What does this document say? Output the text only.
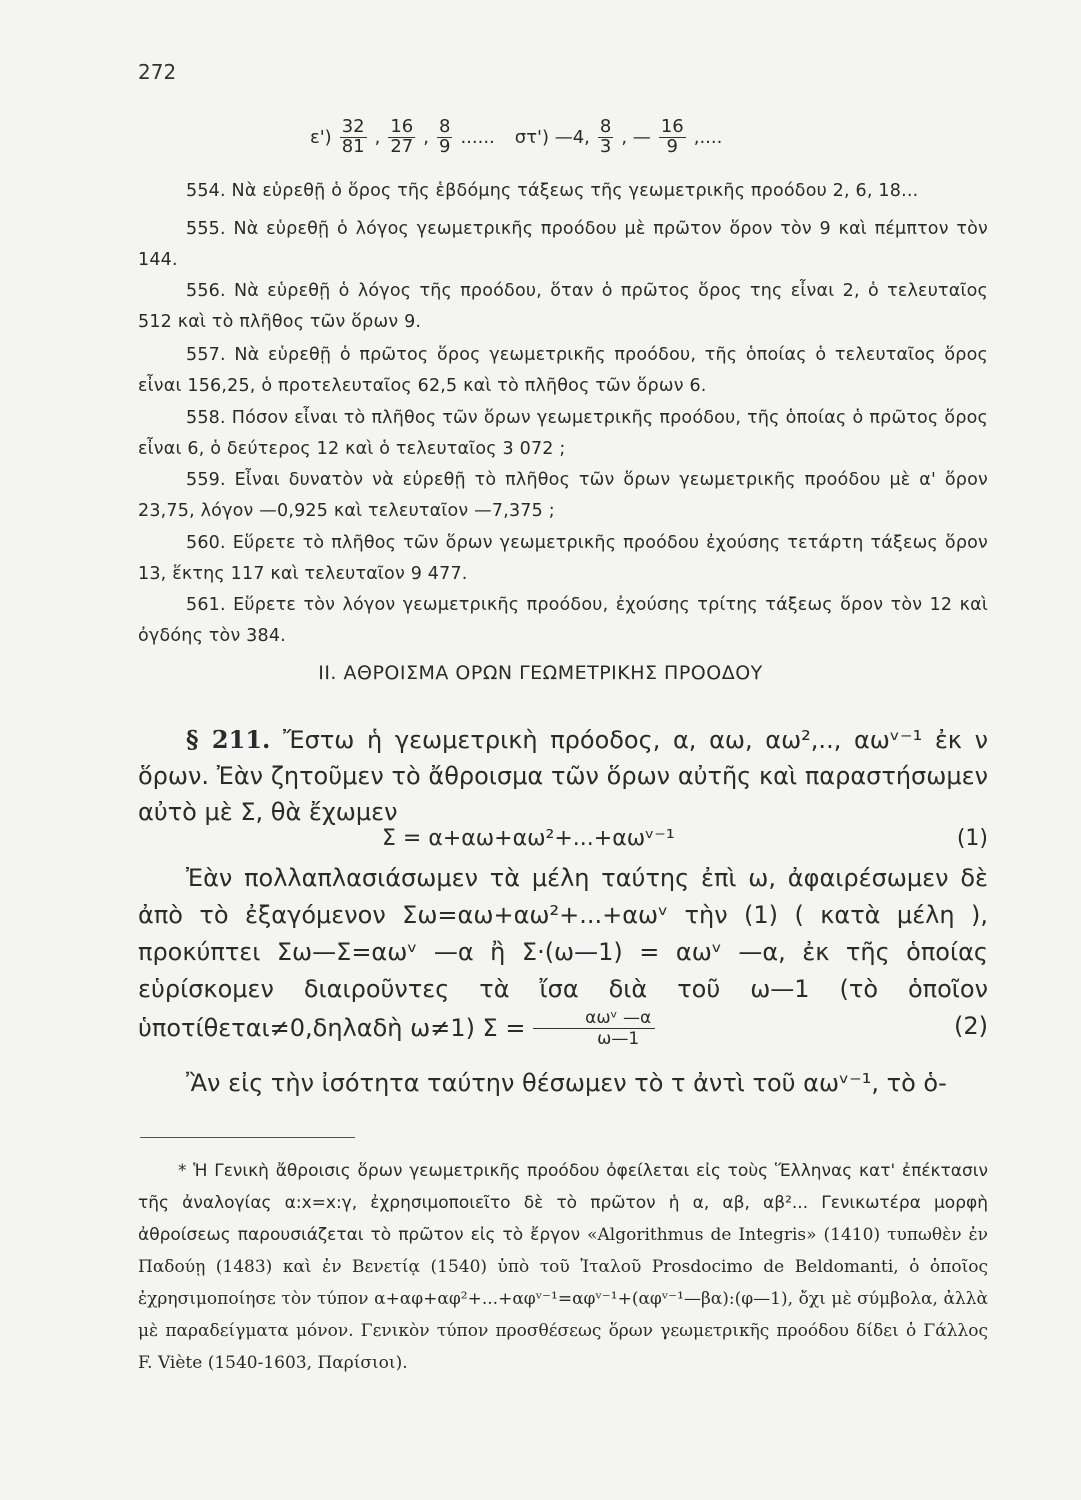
272
$\varepsilon') \frac{32}{81}$ , $\frac{16}{27}$ , $\frac{8}{9}$ ...... στ') —4, $\frac{8}{3}$ , — $\frac{16}{9}$ ,....
554. Νὰ εὑρεθῇ ὁ ὅρος τῆς ἑβδόμης τάξεως τῆς γεωμετρικῆς προόδου 2, 6, 18...
555. Νὰ εὑρεθῇ ὁ λόγος γεωμετρικῆς προόδου μὲ πρῶτον ὅρον τὸν 9 καὶ πέμπτον τὸν 144.
556. Νὰ εὑρεθῇ ὁ λόγος τῆς προόδου, ὅταν ὁ πρῶτος ὅρος της εἶναι 2, ὁ τελευταῖος 512 καὶ τὸ πλῆθος τῶν ὅρων 9.
557. Νὰ εὑρεθῇ ὁ πρῶτος ὅρος γεωμετρικῆς προόδου, τῆς ὁποίας ὁ τελευταῖος ὅρος εἶναι 156,25, ὁ προτελευταῖος 62,5 καὶ τὸ πλῆθος τῶν ὅρων 6.
558. Πόσον εἶναι τὸ πλῆθος τῶν ὅρων γεωμετρικῆς προόδου, τῆς ὁποίας ὁ πρῶτος ὅρος εἶναι 6, ὁ δεύτερος 12 καὶ ὁ τελευταῖος 3 072 ;
559. Εἶναι δυνατὸν νὰ εὑρεθῇ τὸ πλῆθος τῶν ὅρων γεωμετρικῆς προόδου μὲ α' ὅρον 23,75, λόγον —0,925 καὶ τελευταῖον —7,375 ;
560. Εὕρετε τὸ πλῆθος τῶν ὅρων γεωμετρικῆς προόδου ἐχούσης τετάρτη τάξεως ὅρον 13, ἕκτης 117 καὶ τελευταῖον 9 477.
561. Εὕρετε τὸν λόγον γεωμετρικῆς προόδου, ἐχούσης τρίτης τάξεως ὅρον τὸν 12 καὶ ὀγδόης τὸν 384.
ΙΙ. ΑΘΡΟΙΣΜΑ ΟΡΩΝ ΓΕΩΜΕΤΡΙΚΗΣ ΠΡΟΟΔΟΥ
§ 211. Ἔστω ἡ γεωμετρικὴ πρόοδος, α, αω, αω²,.., αωᵛ⁻¹ ἐκ ν ὅρων. Ἐὰν ζητοῦμεν τὸ ἄθροισμα τῶν ὅρων αὐτῆς καὶ παραστήσωμεν αὐτὸ μὲ Σ, θὰ ἔχωμεν
Σ = α+αω+αω²+...+αωᵛ⁻¹	(1)
Ἐὰν πολλαπλασιάσωμεν τὰ μέλη ταύτης ἐπὶ ω, ἀφαιρέσωμεν δὲ ἀπὸ τὸ ἐξαγόμενον Σω=αω+αω²+...+αωᵛ τὴν (1) ( κατὰ μέλη ), προκύπτει Σω—Σ=αωᵛ —α ἢ Σ·(ω—1) = αωᵛ —α, ἐκ τῆς ὁποίας εὑρίσκομεν διαιροῦντες τὰ ἴσα διὰ τοῦ ω—1 (τὸ ὁποῖον ὑποτίθεται≠0,δηλαδὴ ω≠1) Σ =	αωᵛ —α
ω—1	(2)
Ἂν εἰς τὴν ἰσότητα ταύτην θέσωμεν τὸ τ ἀντὶ τοῦ αωᵛ⁻¹, τὸ ὁ-
* Ἡ Γενικὴ ἄθροισις ὅρων γεωμετρικῆς προόδου ὀφείλεται εἰς τοὺς Ἕλληνας κατ' ἐπέκτασιν τῆς ἀναλογίας α:x=x:γ, ἐχρησιμοποιεῖτο δὲ τὸ πρῶτον ἡ α, αβ, αβ²... Γενικωτέρα μορφὴ ἀθροίσεως παρουσιάζεται τὸ πρῶτον εἰς τὸ ἔργον «Algorithmus de Integris» (1410) τυπωθὲν ἐν Παδούῃ (1483) καὶ ἐν Βενετίᾳ (1540) ὑπὸ τοῦ Ἰταλοῦ Prosdocimo de Beldomanti, ὁ ὁποῖος ἐχρησιμοποίησε τὸν τύπον α+αφ+αφ²+...+αφᵛ⁻¹=αφᵛ⁻¹+(αφᵛ⁻¹—βα):(φ—1), ὄχι μὲ σύμβολα, ἀλλὰ μὲ παραδείγματα μόνον. Γενικὸν τύπον προσθέσεως ὅρων γεωμετρικῆς προόδου δίδει ὁ Γάλλος F. Viète (1540-1603, Παρίσιοι).
